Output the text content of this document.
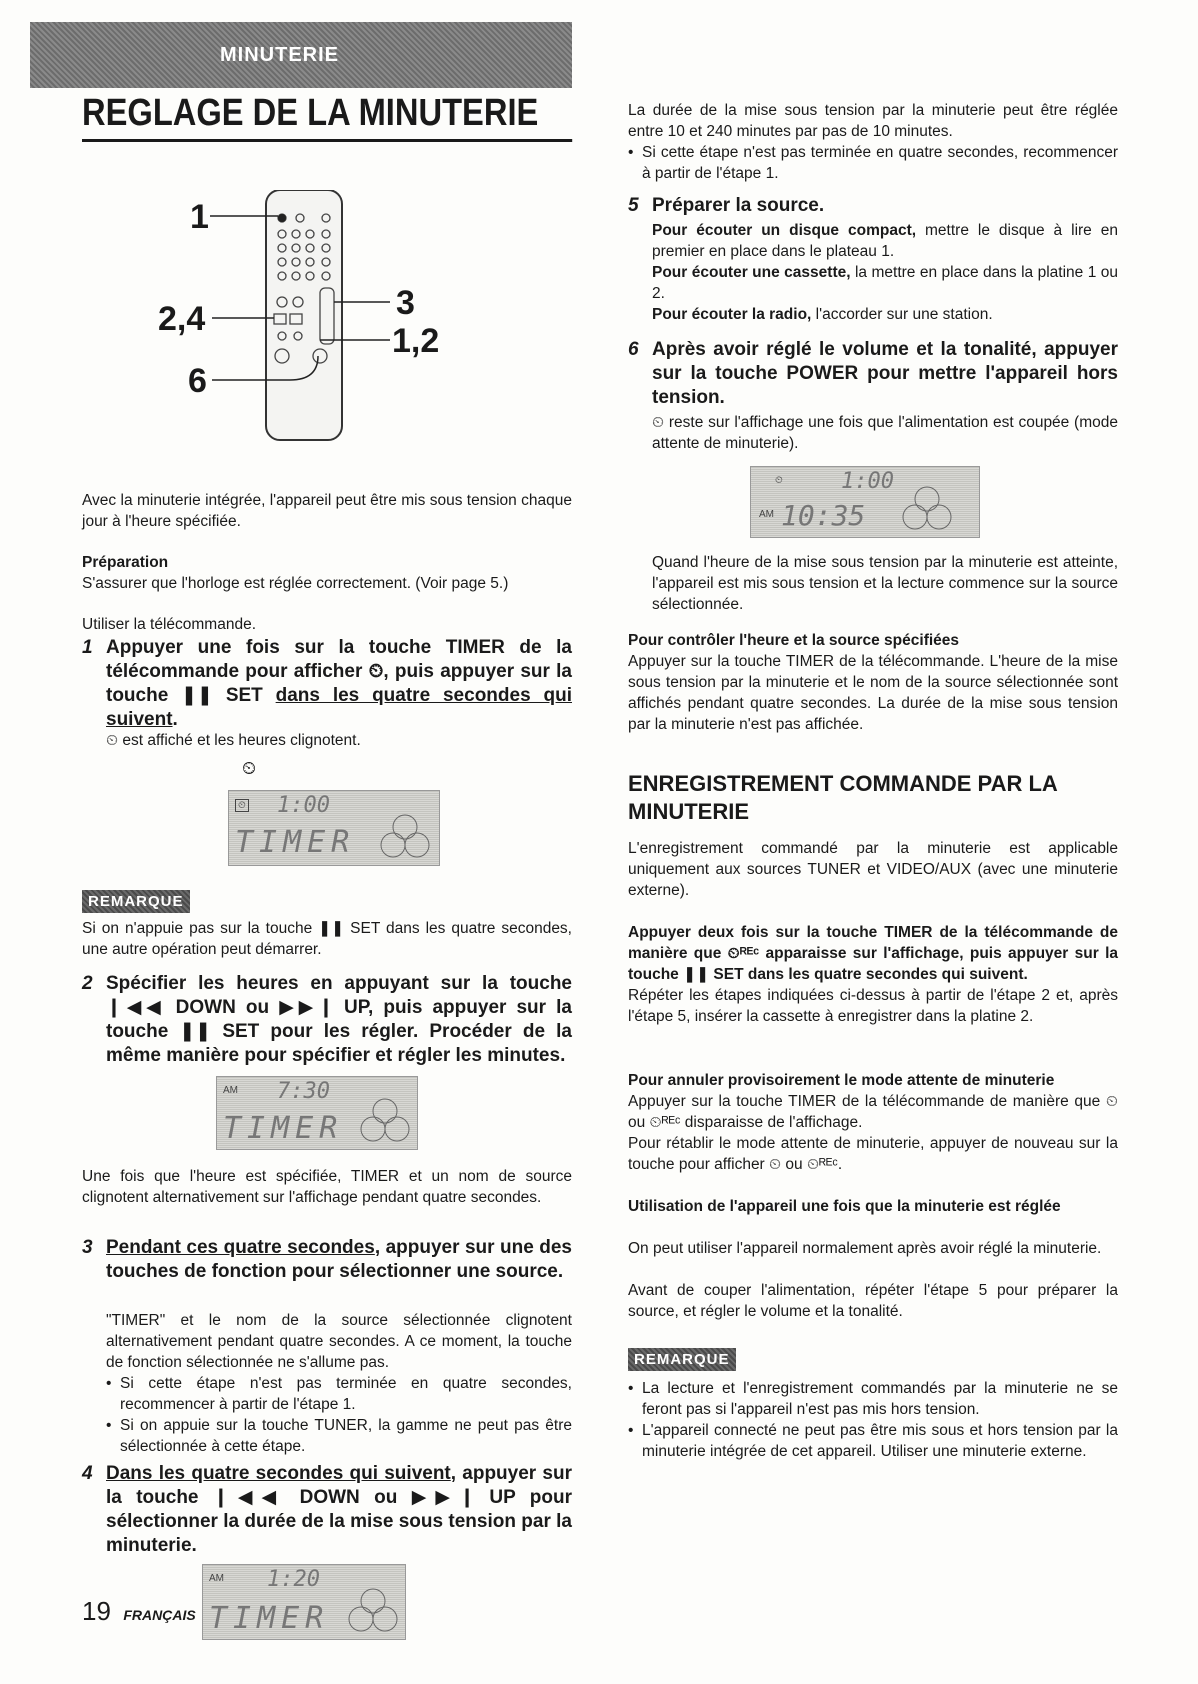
MINUTERIE
REGLAGE DE LA MINUTERIE
1
2,4
6
3
1,2

Avec la minuterie intégrée, l'appareil peut être mis sous tension chaque jour à l'heure spécifiée.

Préparation

S'assurer que l'horloge est réglée correctement. (Voir page 5.)

Utiliser la télécommande.

1 Appuyer une fois sur la touche TIMER de la télécommande pour afficher ⏲, puis appuyer sur la touche ❚❚ SET dans les quatre secondes qui suivent.

⏲ est affiché et les heures clignotent.

⏲
⏲ 1:00
TIMER
REMARQUE

Si on n'appuie pas sur la touche ❚❚ SET dans les quatre secondes, une autre opération peut démarrer.

2 Spécifier les heures en appuyant sur la touche ❙◀◀ DOWN ou ▶▶❙ UP, puis appuyer sur la touche ❚❚ SET pour les régler. Procéder de la même manière pour spécifier et régler les minutes.
AM 7:30
TIMER

Une fois que l'heure est spécifiée, TIMER et un nom de source clignotent alternativement sur l'affichage pendant quatre secondes.

3 Pendant ces quatre secondes, appuyer sur une des touches de fonction pour sélectionner une source.

"TIMER" et le nom de la source sélectionnée clignotent alternativement pendant quatre secondes. A ce moment, la touche de fonction sélectionnée ne s'allume pas.

• Si cette étape n'est pas terminée en quatre secondes, recommencer à partir de l'étape 1.

• Si on appuie sur la touche TUNER, la gamme ne peut pas être sélectionnée à cette étape.

4 Dans les quatre secondes qui suivent, appuyer sur la touche ❙◀◀ DOWN ou ▶▶❙ UP pour sélectionner la durée de la mise sous tension par la minuterie.
AM 1:20
TIMER

La durée de la mise sous tension par la minuterie peut être réglée entre 10 et 240 minutes par pas de 10 minutes.

• Si cette étape n'est pas terminée en quatre secondes, recommencer à partir de l'étape 1.

5 Préparer la source.

Pour écouter un disque compact, mettre le disque à lire en premier en place dans le plateau 1.

Pour écouter une cassette, la mettre en place dans la platine 1 ou 2.

Pour écouter la radio, l'accorder sur une station.

6 Après avoir réglé le volume et la tonalité, appuyer sur la touche POWER pour mettre l'appareil hors tension.

⏲ reste sur l'affichage une fois que l'alimentation est coupée (mode attente de minuterie).

⏲	1:00
AM 10:35

Quand l'heure de la mise sous tension par la minuterie est atteinte, l'appareil est mis sous tension et la lecture commence sur la source sélectionnée.

Pour contrôler l'heure et la source spécifiées

Appuyer sur la touche TIMER de la télécommande. L'heure de la mise sous tension par la minuterie et le nom de la source sélectionnée sont affichés pendant quatre secondes. La durée de la mise sous tension par la minuterie n'est pas affichée.

ENREGISTREMENT COMMANDE PAR LA MINUTERIE

L'enregistrement commandé par la minuterie est applicable uniquement aux sources TUNER et VIDEO/AUX (avec une minuterie externe).

Appuyer deux fois sur la touche TIMER de la télécommande de manière que ⏲ᴿᴱᶜ apparaisse sur l'affichage, puis appuyer sur la touche ❚❚ SET dans les quatre secondes qui suivent.

Répéter les étapes indiquées ci-dessus à partir de l'étape 2 et, après l'étape 5, insérer la cassette à enregistrer dans la platine 2.

Pour annuler provisoirement le mode attente de minuterie

Appuyer sur la touche TIMER de la télécommande de manière que ⏲ ou ⏲ᴿᴱᶜ disparaisse de l'affichage.

Pour rétablir le mode attente de minuterie, appuyer de nouveau sur la touche pour afficher ⏲ ou ⏲ᴿᴱᶜ.

Utilisation de l'appareil une fois que la minuterie est réglée

On peut utiliser l'appareil normalement après avoir réglé la minuterie.

Avant de couper l'alimentation, répéter l'étape 5 pour préparer la source, et régler le volume et la tonalité.

REMARQUE

• La lecture et l'enregistrement commandés par la minuterie ne se feront pas si l'appareil n'est pas mis hors tension.

• L'appareil connecté ne peut pas être mis sous et hors tension par la minuterie intégrée de cet appareil. Utiliser une minuterie externe.

19 FRANÇAIS
